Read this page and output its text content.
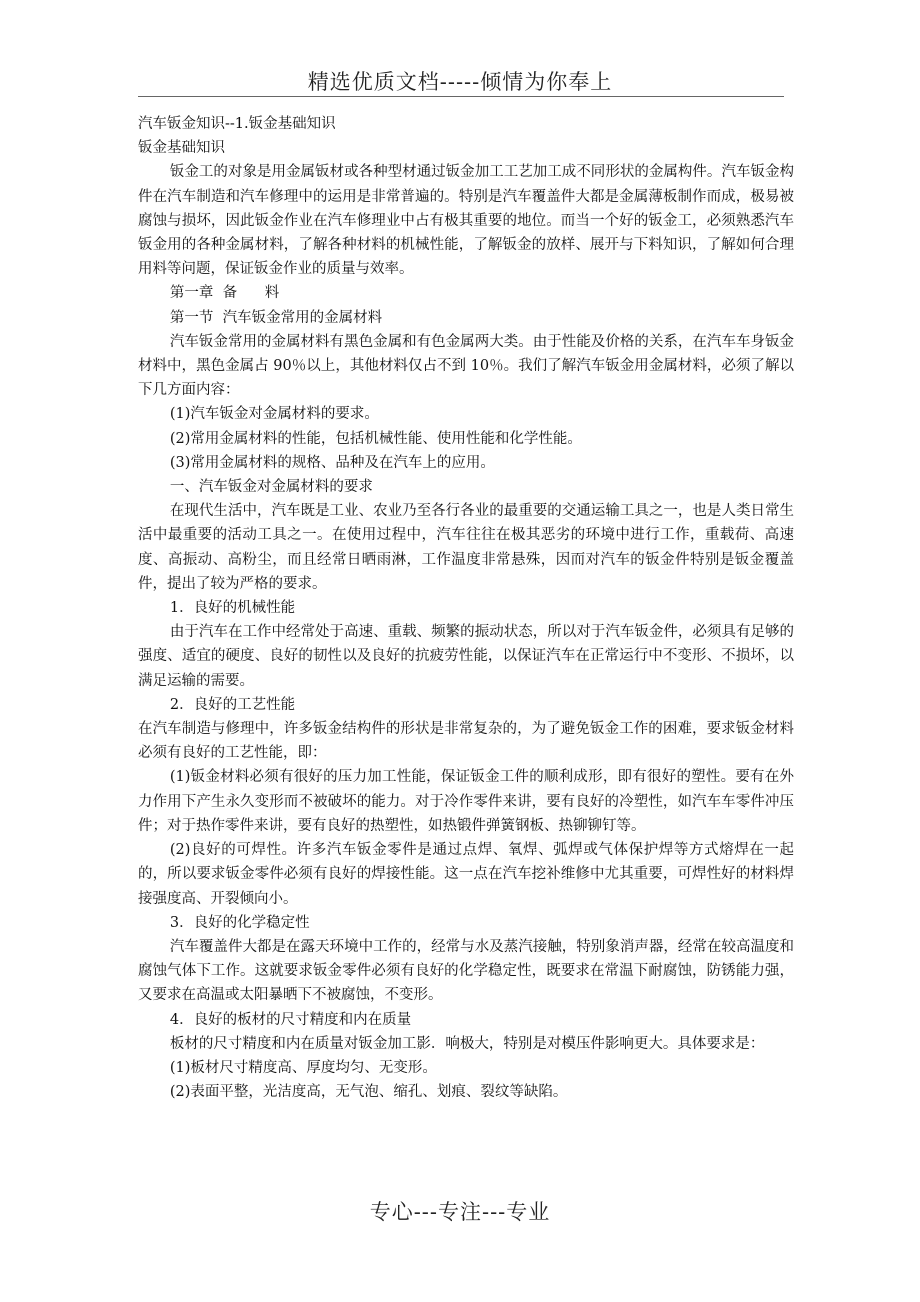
精选优质文档-----倾情为你奉上

汽车钣金知识--1.钣金基础知识

钣金基础知识

钣金工的对象是用金属钣材或各种型材通过钣金加工工艺加工成不同形状的金属构件。汽车钣金构件在汽车制造和汽车修理中的运用是非常普遍的。特别是汽车覆盖件大都是金属薄板制作而成，极易被腐蚀与损坏，因此钣金作业在汽车修理业中占有极其重要的地位。而当一个好的钣金工，必须熟悉汽车钣金用的各种金属材料，了解各种材料的机械性能，了解钣金的放样、展开与下料知识，了解如何合理用料等问题，保证钣金作业的质量与效率。

第一章  备      料

第一节  汽车钣金常用的金属材料

汽车钣金常用的金属材料有黑色金属和有色金属两大类。由于性能及价格的关系，在汽车车身钣金材料中，黑色金属占 90％以上，其他材料仅占不到 10％。我们了解汽车钣金用金属材料，必须了解以下几方面内容：

(1)汽车钣金对金属材料的要求。

(2)常用金属材料的性能，包括机械性能、使用性能和化学性能。

(3)常用金属材料的规格、品种及在汽车上的应用。

一、汽车钣金对金属材料的要求

在现代生活中，汽车既是工业、农业乃至各行各业的最重要的交通运输工具之一，也是人类日常生活中最重要的活动工具之一。在使用过程中，汽车往往在极其恶劣的环境中进行工作，重载荷、高速度、高振动、高粉尘，而且经常日晒雨淋，工作温度非常悬殊，因而对汽车的钣金件特别是钣金覆盖件，提出了较为严格的要求。

1．良好的机械性能

由于汽车在工作中经常处于高速、重载、频繁的振动状态，所以对于汽车钣金件，必须具有足够的强度、适宜的硬度、良好的韧性以及良好的抗疲劳性能，以保证汽车在正常运行中不变形、不损坏，以满足运输的需要。

2．良好的工艺性能

在汽车制造与修理中，许多钣金结构件的形状是非常复杂的，为了避免钣金工作的困难，要求钣金材料必须有良好的工艺性能，即：

(1)钣金材料必须有很好的压力加工性能，保证钣金工件的顺利成形，即有很好的塑性。要有在外力作用下产生永久变形而不被破坏的能力。对于冷作零件来讲，要有良好的冷塑性，如汽车车零件冲压件；对于热作零件来讲，要有良好的热塑性，如热锻件弹簧钢板、热铆铆钉等。

(2)良好的可焊性。许多汽车钣金零件是通过点焊、氧焊、弧焊或气体保护焊等方式熔焊在一起的，所以要求钣金零件必须有良好的焊接性能。这一点在汽车挖补维修中尤其重要，可焊性好的材料焊接强度高、开裂倾向小。

3．良好的化学稳定性

汽车覆盖件大都是在露天环境中工作的，经常与水及蒸汽接触，特别象消声器，经常在较高温度和腐蚀气体下工作。这就要求钣金零件必须有良好的化学稳定性，既要求在常温下耐腐蚀，防锈能力强，又要求在高温或太阳暴晒下不被腐蚀，不变形。

4．良好的板材的尺寸精度和内在质量

板材的尺寸精度和内在质量对钣金加工影．响极大，特别是对模压件影响更大。具体要求是：

(1)板材尺寸精度高、厚度均匀、无变形。

(2)表面平整，光洁度高，无气泡、缩孔、划痕、裂纹等缺陷。

专心---专注---专业
